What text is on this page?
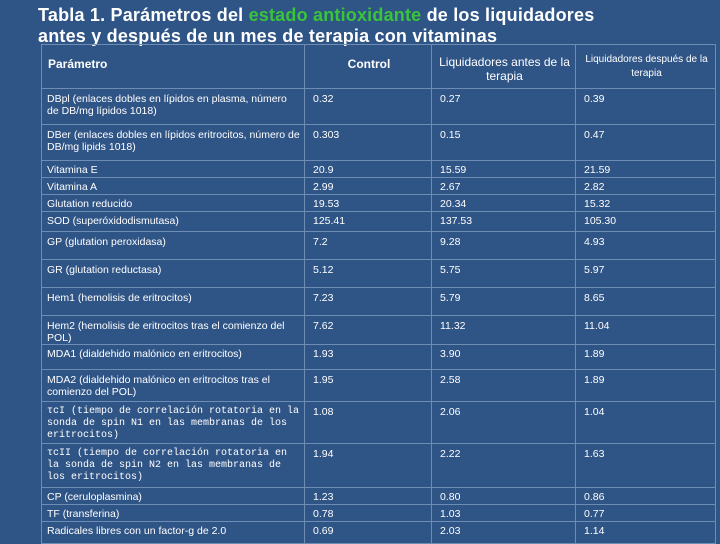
Tabla 1. Parámetros del estado antioxidante de los liquidadores
antes y después de un mes de terapia con vitaminas
Parámetro	Control	Liquidadores antes de la terapia	Liquidadores después de la terapia
DBpl (enlaces dobles en lípidos en plasma, número de DB/mg lípidos 1018)	0.32	0.27	0.39
DBer (enlaces dobles en lípidos eritrocitos, número de DB/mg lipids 1018)	0.303	0.15	0.47
Vitamina E	20.9	15.59	21.59
Vitamina A	2.99	2.67	2.82
Glutation reducido	19.53	20.34	15.32
SOD (superóxidodismutasa)	125.41	137.53	105.30
GP (glutation peroxidasa)	7.2	9.28	4.93
GR (glutation reductasa)	5.12	5.75	5.97
Hem1 (hemolisis de eritrocitos)	7.23	5.79	8.65
Hem2 (hemolisis de eritrocitos tras el comienzo del POL)	7.62	11.32	11.04
MDA1 (dialdehido malónico en eritrocitos)	1.93	3.90	1.89
MDA2 (dialdehido malónico en eritrocitos tras el comienzo del POL)	1.95	2.58	1.89
τcI (tiempo de correlación rotatoria en la sonda de spin N1 en las membranas de los eritrocitos)	1.08	2.06	1.04
τcII (tiempo de correlación rotatoria en la sonda de spin N2 en las membranas de los eritrocitos)	1.94	2.22	1.63
CP (ceruloplasmina)	1.23	0.80	0.86
TF (transferina)	0.78	1.03	0.77
Radicales libres con un factor-g de 2.0	0.69	2.03	1.14
